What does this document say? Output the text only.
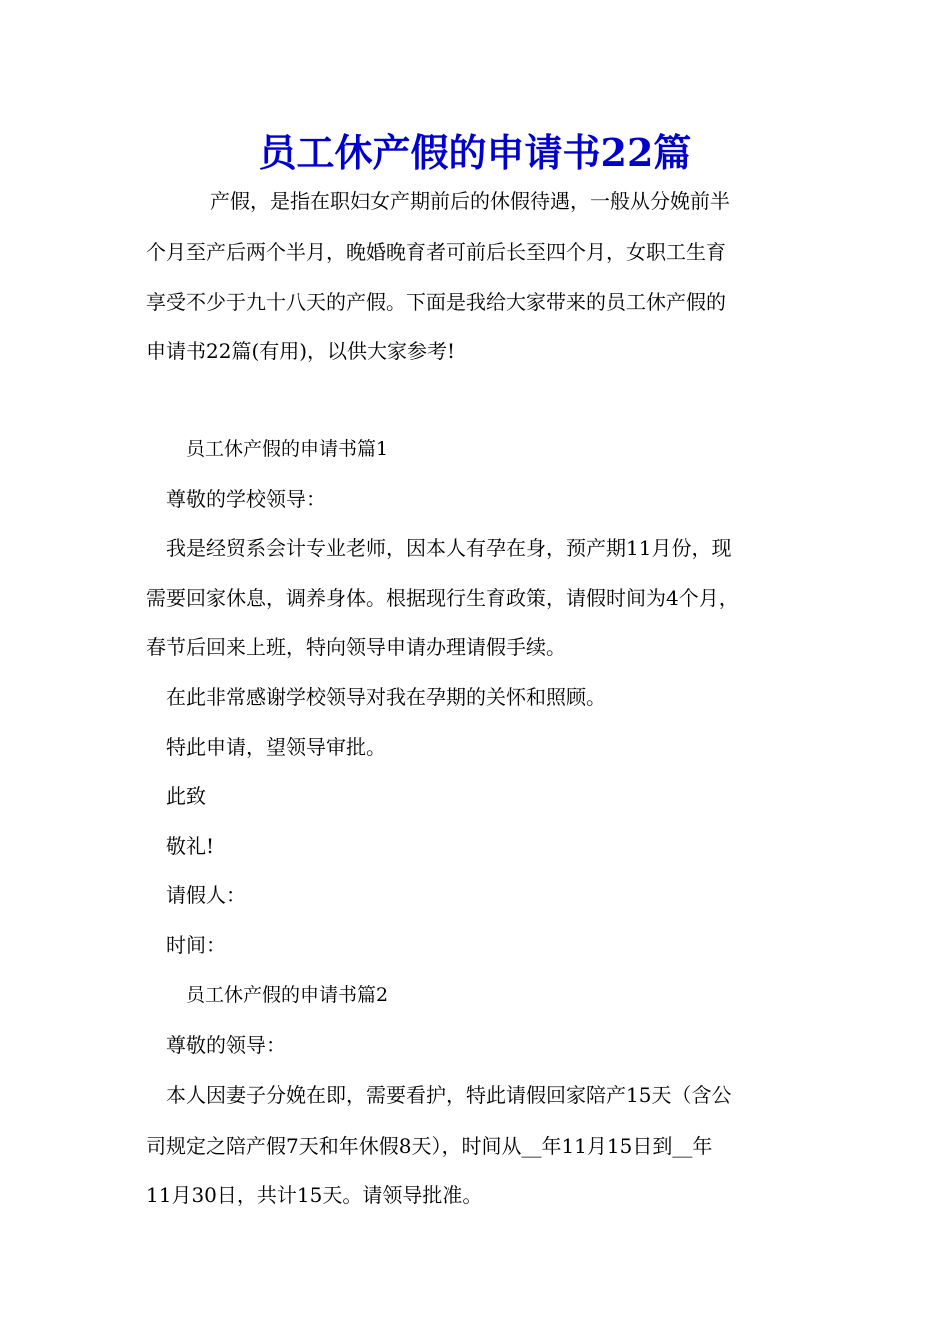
员工休产假的申请书22篇
产假，是指在职妇女产期前后的休假待遇，一般从分娩前半
个月至产后两个半月，晚婚晚育者可前后长至四个月，女职工生育
享受不少于九十八天的产假。下面是我给大家带来的员工休产假的
申请书22篇(有用)，以供大家参考!
员工休产假的申请书篇1
尊敬的学校领导：
我是经贸系会计专业老师，因本人有孕在身，预产期11月份，现
需要回家休息，调养身体。根据现行生育政策，请假时间为4个月，
春节后回来上班，特向领导申请办理请假手续。
在此非常感谢学校领导对我在孕期的关怀和照顾。
特此申请，望领导审批。
此致
敬礼!
请假人：
时间：
员工休产假的申请书篇2
尊敬的领导：
本人因妻子分娩在即，需要看护，特此请假回家陪产15天（含公
司规定之陪产假7天和年休假8天），时间从__年11月15日到__年
11月30日，共计15天。请领导批准。
